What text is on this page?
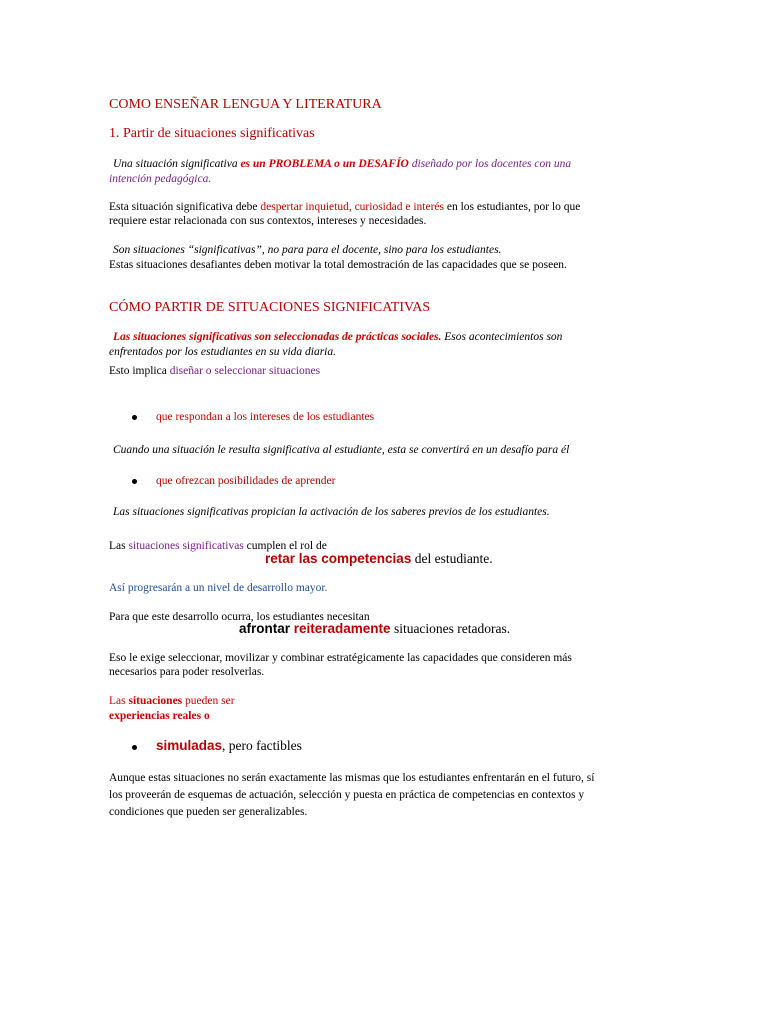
COMO ENSEÑAR LENGUA Y LITERATURA
1. Partir de situaciones significativas
Una situación significativa es un PROBLEMA o un DESAFÍO diseñado por los docentes con una
intención pedagógica.
Esta situación significativa debe despertar inquietud, curiosidad e interés en los estudiantes, por lo que
requiere estar relacionada con sus contextos, intereses y necesidades.
Son situaciones “significativas”, no para para el docente, sino para los estudiantes.
Estas situaciones desafiantes deben motivar la total demostración de las capacidades que se poseen.
CÓMO PARTIR DE SITUACIONES SIGNIFICATIVAS
Las situaciones significativas son seleccionadas de prácticas sociales. Esos acontecimientos son
enfrentados por los estudiantes en su vida diaria.
Esto implica diseñar o seleccionar situaciones
que respondan a los intereses de los estudiantes
Cuando una situación le resulta significativa al estudiante, esta se convertirá en un desafío para él
que ofrezcan posibilidades de aprender
Las situaciones significativas propician la activación de los saberes previos de los estudiantes.
Las situaciones significativas cumplen el rol de
retar las competencias del estudiante.
Así progresarán a un nivel de desarrollo mayor.
Para que este desarrollo ocurra, los estudiantes necesitan
afrontar reiteradamente situaciones retadoras.
Eso le exige seleccionar, movilizar y combinar estratégicamente las capacidades que consideren más
necesarios para poder resolverlas.
Las situaciones pueden ser
experiencias reales o
simuladas, pero factibles
Aunque estas situaciones no serán exactamente las mismas que los estudiantes enfrentarán en el futuro, sí
los proveerán de esquemas de actuación, selección y puesta en práctica de competencias en contextos y
condiciones que pueden ser generalizables.
